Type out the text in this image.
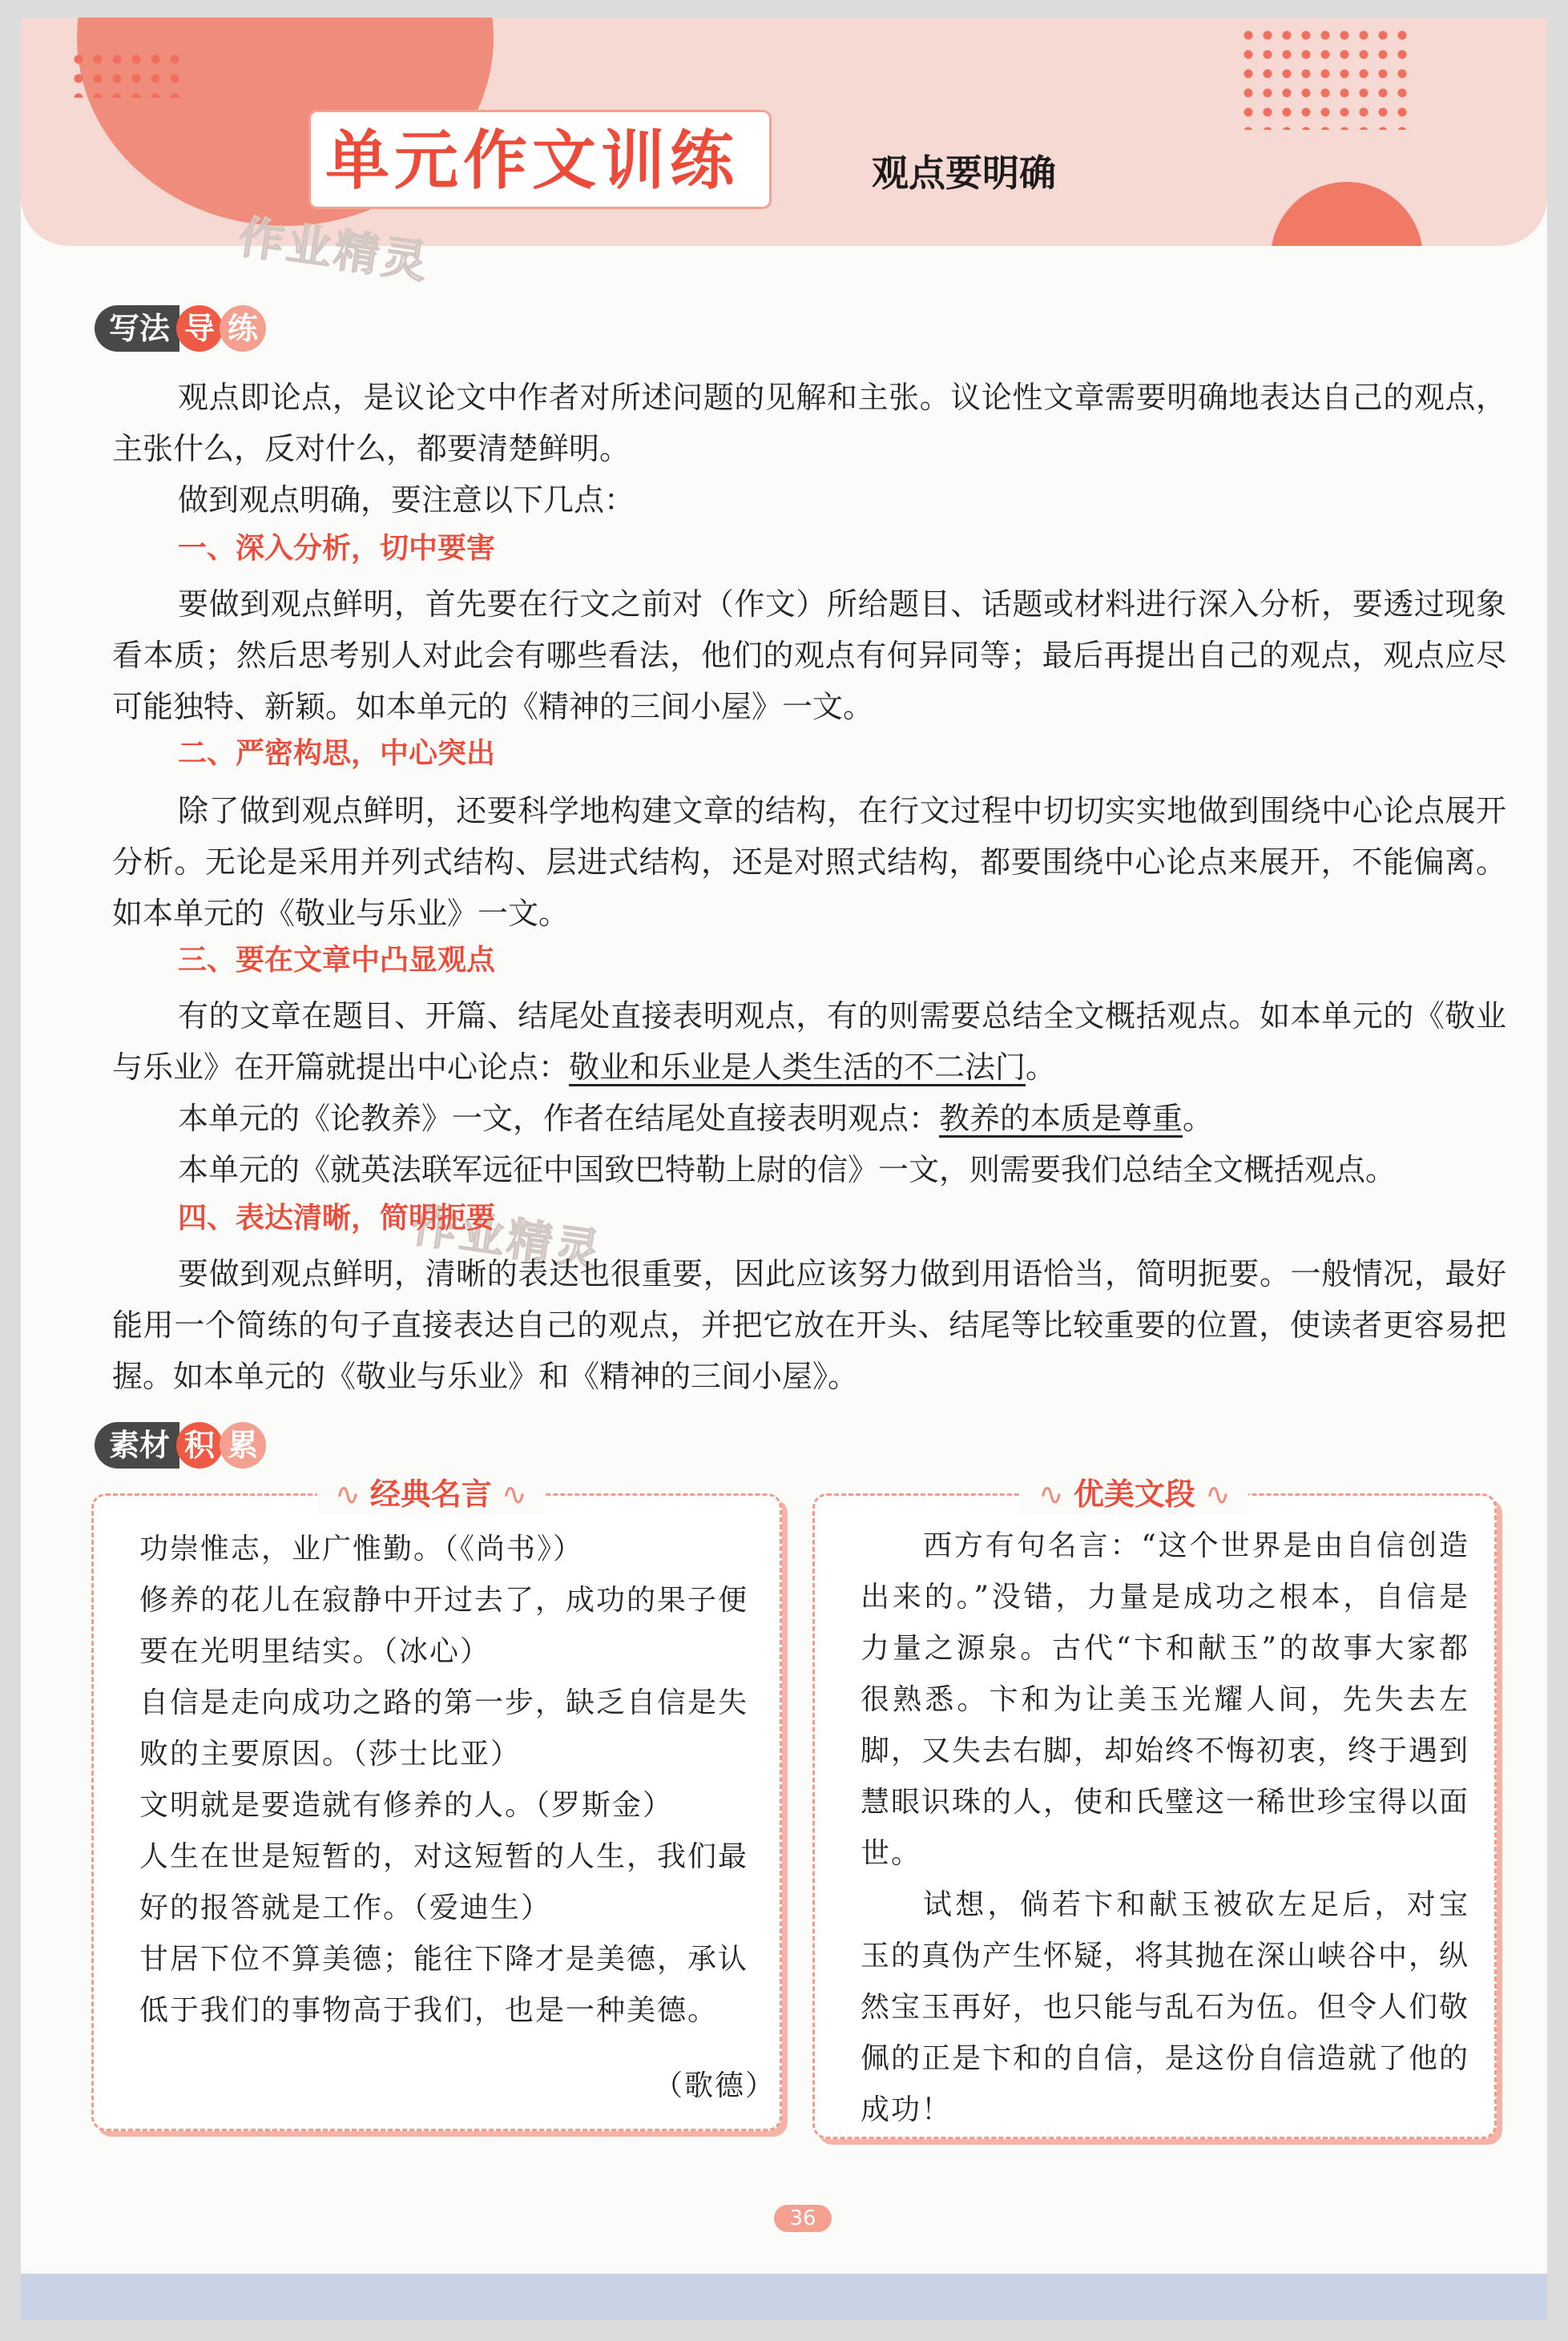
单元作文训练	观点要明确
作业精灵
作业精灵
写法 导 练

观点即论点，是议论文中作者对所述问题的见解和主张。议论性文章需要明确地表达自己的观点，主张什么，反对什么，都要清楚鲜明。

做到观点明确，要注意以下几点：

一、深入分析，切中要害

要做到观点鲜明，首先要在行文之前对（作文）所给题目、话题或材料进行深入分析，要透过现象看本质；然后思考别人对此会有哪些看法，他们的观点有何异同等；最后再提出自己的观点，观点应尽可能独特、新颖。如本单元的《精神的三间小屋》一文。

二、严密构思，中心突出

除了做到观点鲜明，还要科学地构建文章的结构，在行文过程中切切实实地做到围绕中心论点展开分析。无论是采用并列式结构、层进式结构，还是对照式结构，都要围绕中心论点来展开，不能偏离。如本单元的《敬业与乐业》一文。

三、要在文章中凸显观点

有的文章在题目、开篇、结尾处直接表明观点，有的则需要总结全文概括观点。如本单元的《敬业与乐业》在开篇就提出中心论点：敬业和乐业是人类生活的不二法门。

本单元的《论教养》一文，作者在结尾处直接表明观点：教养的本质是尊重。

本单元的《就英法联军远征中国致巴特勒上尉的信》一文，则需要我们总结全文概括观点。

四、表达清晰，简明扼要

要做到观点鲜明，清晰的表达也很重要，因此应该努力做到用语恰当，简明扼要。一般情况，最好能用一个简练的句子直接表达自己的观点，并把它放在开头、结尾等比较重要的位置，使读者更容易把握。如本单元的《敬业与乐业》和《精神的三间小屋》。

素材 积 累
∿ 经典名言 ∿

功崇惟志，业广惟勤。（《尚书》）

修养的花儿在寂静中开过去了，成功的果子便要在光明里结实。（冰心）

自信是走向成功之路的第一步，缺乏自信是失败的主要原因。（莎士比亚）

文明就是要造就有修养的人。（罗斯金）

人生在世是短暂的，对这短暂的人生，我们最好的报答就是工作。（爱迪生）

甘居下位不算美德；能往下降才是美德，承认低于我们的事物高于我们，也是一种美德。

（歌德）
∿ 优美文段 ∿

西方有句名言：“这个世界是由自信创造出来的。”没错，力量是成功之根本，自信是力量之源泉。古代“卞和献玉”的故事大家都很熟悉。卞和为让美玉光耀人间，先失去左脚，又失去右脚，却始终不悔初衷，终于遇到慧眼识珠的人，使和氏璧这一稀世珍宝得以面世。

试想，倘若卞和献玉被砍左足后，对宝玉的真伪产生怀疑，将其抛在深山峡谷中，纵然宝玉再好，也只能与乱石为伍。但令人们敬佩的正是卞和的自信，是这份自信造就了他的成功！

36
